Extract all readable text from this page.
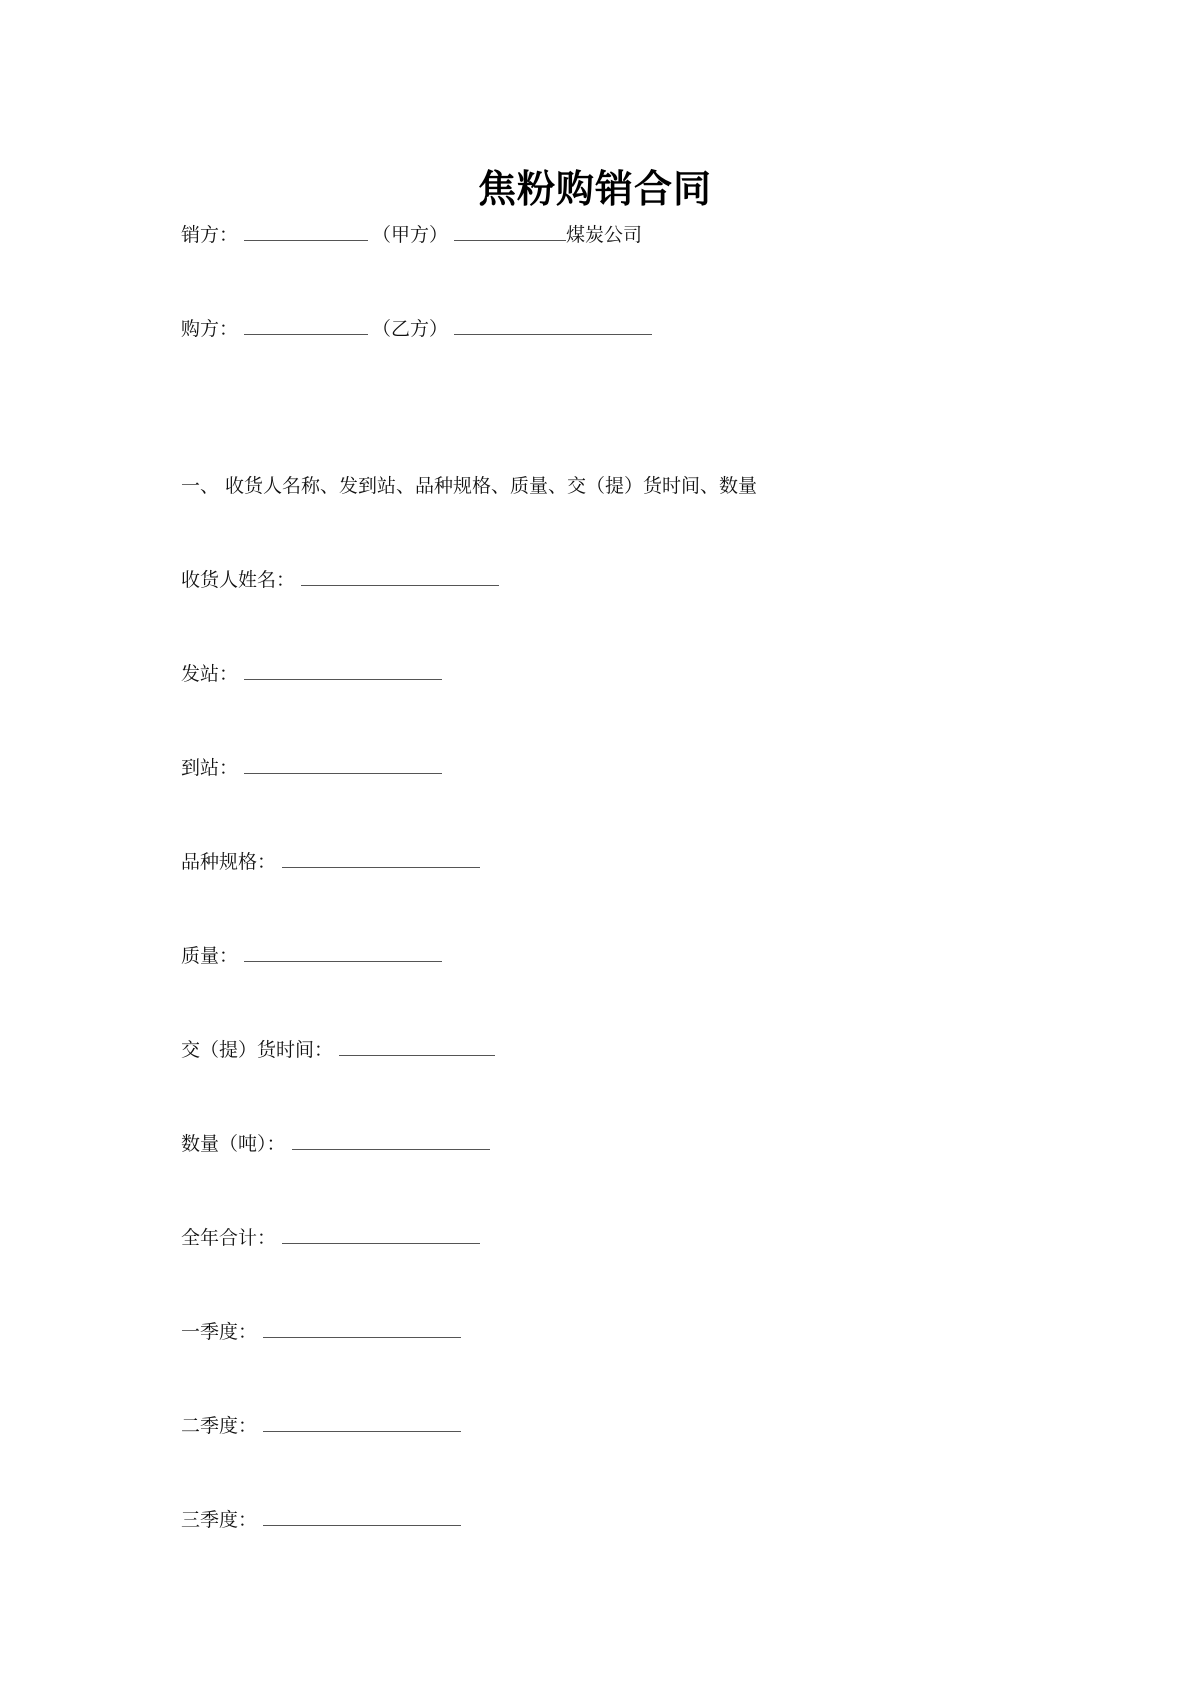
焦粉购销合同
销方：	（甲方）	煤炭公司
购方：	（乙方）
一、 收货人名称、发到站、品种规格、质量、交（提）货时间、数量
收货人姓名：
发站：
到站：
品种规格：
质量：
交（提）货时间：
数量（吨）：
全年合计：
一季度：
二季度：
三季度：
